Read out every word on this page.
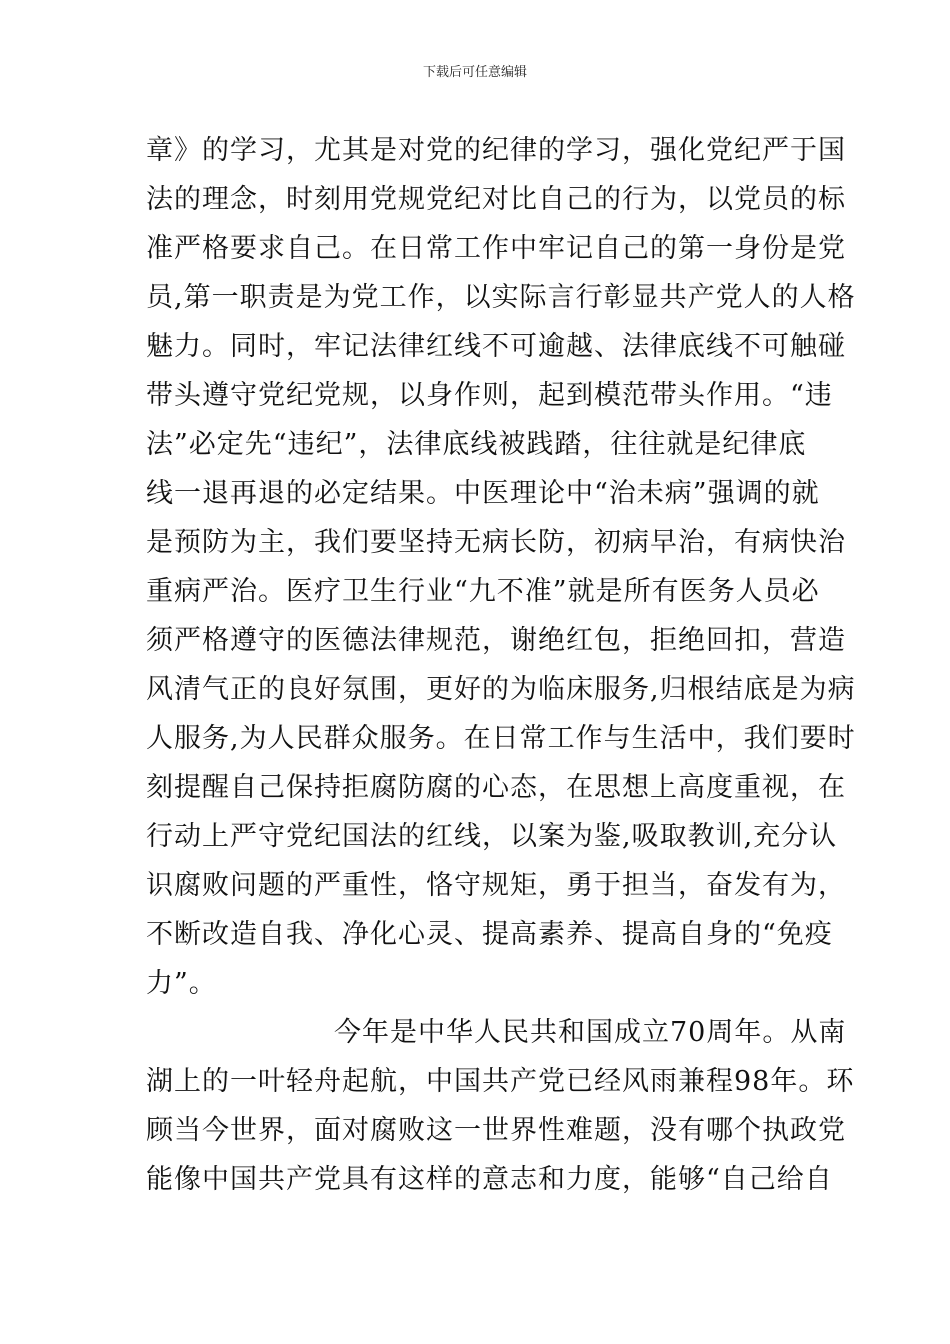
下载后可任意编辑
章》的学习，尤其是对党的纪律的学习，强化党纪严于国
法的理念，时刻用党规党纪对比自己的行为，以党员的标
准严格要求自己。在日常工作中牢记自己的第一身份是党
员,第一职责是为党工作，以实际言行彰显共产党人的人格
魅力。同时，牢记法律红线不可逾越、法律底线不可触碰
带头遵守党纪党规，以身作则，起到模范带头作用。“违
法”必定先“违纪”，法律底线被践踏，往往就是纪律底
线一退再退的必定结果。中医理论中“治未病”强调的就
是预防为主，我们要坚持无病长防，初病早治，有病快治
重病严治。医疗卫生行业“九不准”就是所有医务人员必
须严格遵守的医德法律规范，谢绝红包，拒绝回扣，营造
风清气正的良好氛围，更好的为临床服务,归根结底是为病
人服务,为人民群众服务。在日常工作与生活中，我们要时
刻提醒自己保持拒腐防腐的心态，在思想上高度重视，在
行动上严守党纪国法的红线，以案为鉴,吸取教训,充分认
识腐败问题的严重性，恪守规矩，勇于担当，奋发有为，
不断改造自我、净化心灵、提高素养、提高自身的“免疫
力”。
今年是中华人民共和国成立70周年。从南
湖上的一叶轻舟起航，中国共产党已经风雨兼程98年。环
顾当今世界，面对腐败这一世界性难题，没有哪个执政党
能像中国共产党具有这样的意志和力度，能够“自己给自
